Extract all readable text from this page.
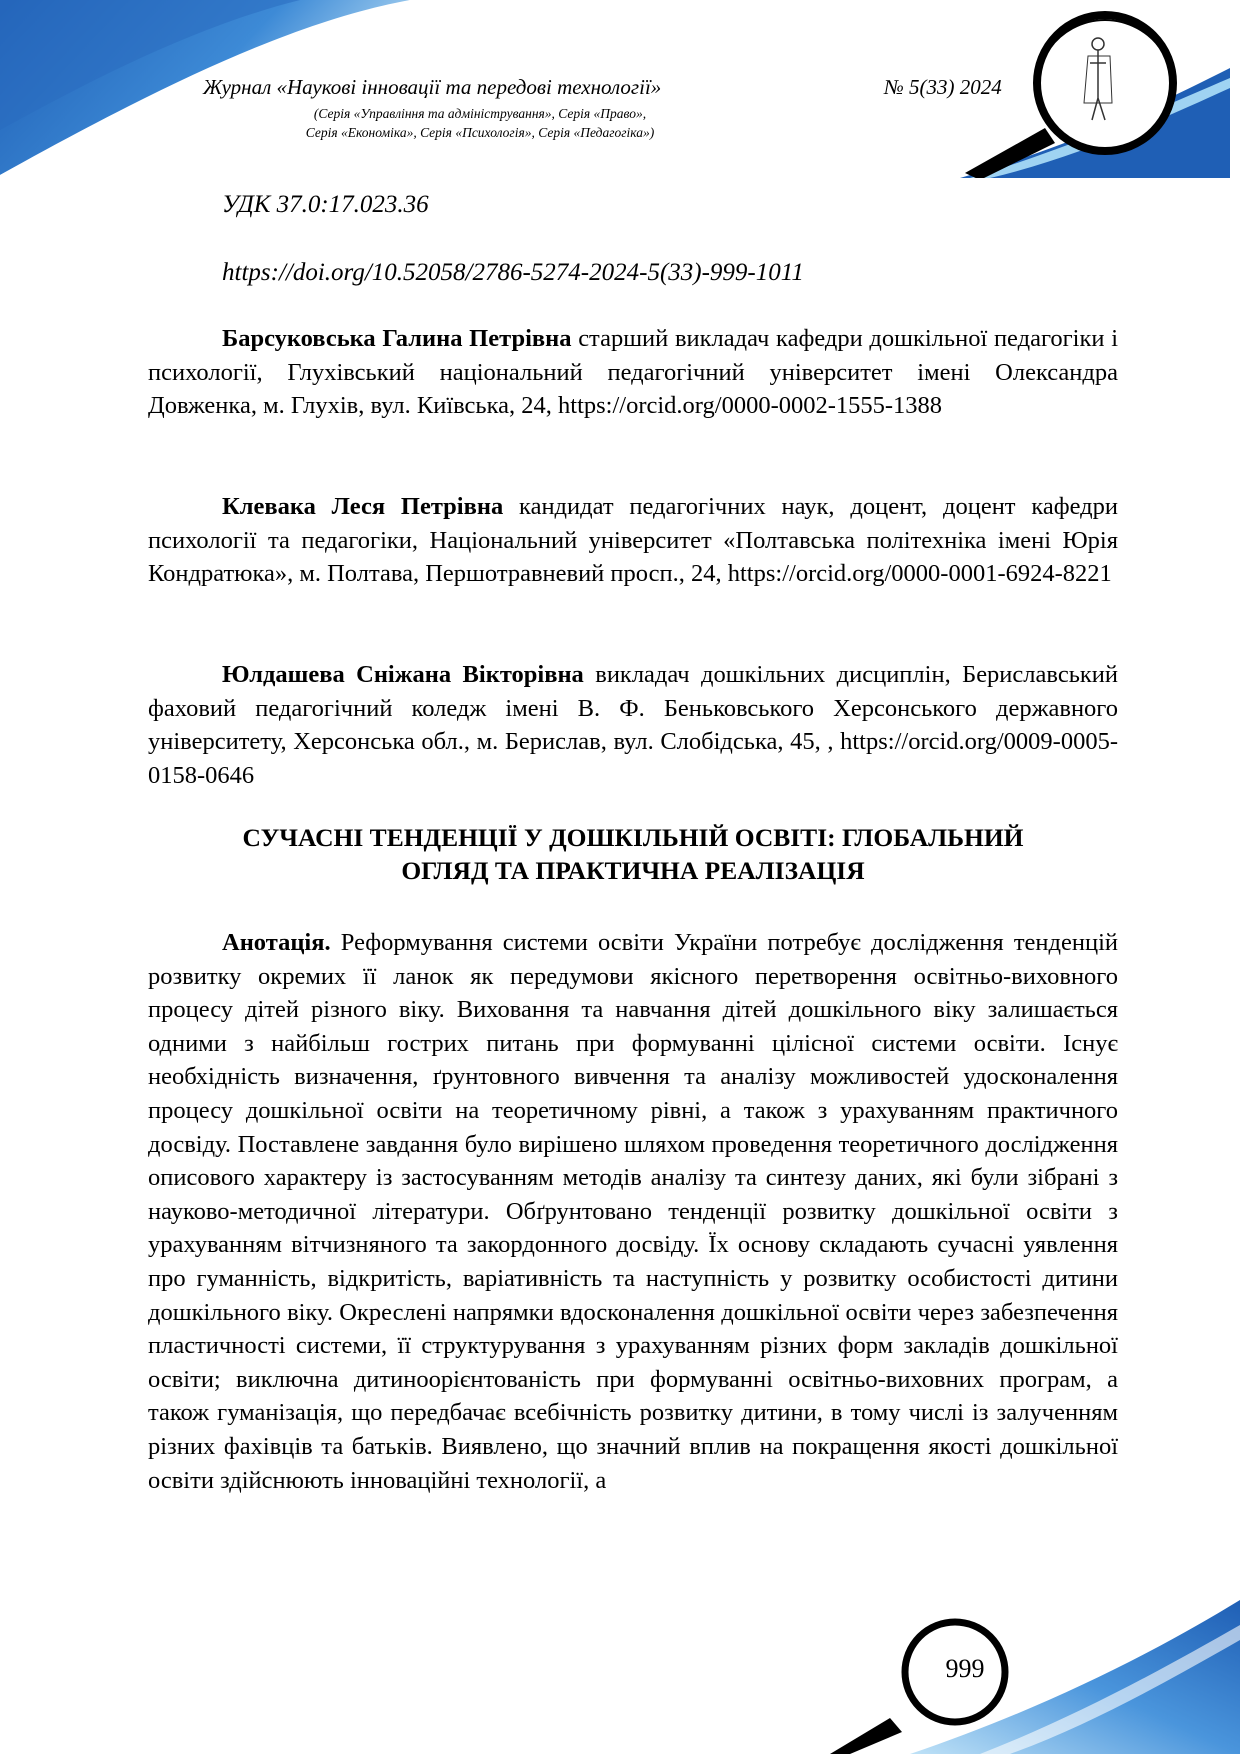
Журнал «Наукові інновації та передові технології»	№ 5(33) 2024
(Серія «Управління та адміністрування», Серія «Право»,
Серія «Економіка», Серія «Психологія», Серія «Педагогіка»)
УДК 37.0:17.023.36
https://doi.org/10.52058/2786-5274-2024-5(33)-999-1011
Барсуковська Галина Петрівна старший викладач кафедри дошкільної педагогіки і психології, Глухівський національний педагогічний університет імені Олександра Довженка, м. Глухів, вул. Київська, 24, https://orcid.org/0000-0002-1555-1388
Клевака Леся Петрівна кандидат педагогічних наук, доцент, доцент кафедри психології та педагогіки, Національний університет «Полтавська політехніка імені Юрія Кондратюка», м. Полтава, Першотравневий просп., 24, https://orcid.org/0000-0001-6924-8221
Юлдашева Сніжана Вікторівна викладач дошкільних дисциплін, Бериславський фаховий педагогічний коледж імені В. Ф. Беньковського Херсонського державного університету, Херсонська обл., м. Берислав, вул. Слобідська, 45, , https://orcid.org/0009-0005-0158-0646
СУЧАСНІ ТЕНДЕНЦІЇ У ДОШКІЛЬНІЙ ОСВІТІ: ГЛОБАЛЬНИЙ
ОГЛЯД ТА ПРАКТИЧНА РЕАЛІЗАЦІЯ
Анотація. Реформування системи освіти України потребує дослідження тенденцій розвитку окремих її ланок як передумови якісного перетворення освітньо-виховного процесу дітей різного віку. Виховання та навчання дітей дошкільного віку залишається одними з найбільш гострих питань при формуванні цілісної системи освіти. Існує необхідність визначення, ґрунтовного вивчення та аналізу можливостей удосконалення процесу дошкільної освіти на теоретичному рівні, а також з урахуванням практичного досвіду. Поставлене завдання було вирішено шляхом проведення теоретичного дослідження описового характеру із застосуванням методів аналізу та синтезу даних, які були зібрані з науково-методичної літератури. Обґрунтовано тенденції розвитку дошкільної освіти з урахуванням вітчизняного та закордонного досвіду. Їх основу складають сучасні уявлення про гуманність, відкритість, варіативність та наступність у розвитку особистості дитини дошкільного віку. Окреслені напрямки вдосконалення дошкільної освіти через забезпечення пластичності системи, її структурування з урахуванням різних форм закладів дошкільної освіти; виключна дитиноорієнтованість при формуванні освітньо-виховних програм, а також гуманізація, що передбачає всебічність розвитку дитини, в тому числі із залученням різних фахівців та батьків. Виявлено, що значний вплив на покращення якості дошкільної освіти здійснюють інноваційні технології, а
999
